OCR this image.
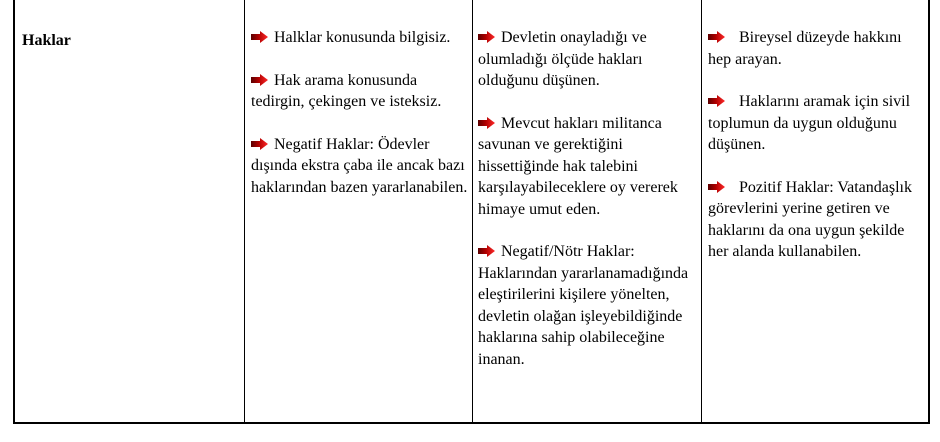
Haklar	Halklar konusunda bilgisiz.

Hak arama konusunda tedirgin, çekingen ve isteksiz.

Negatif Haklar: Ödevler dışında ekstra çaba ile ancak bazı haklarından bazen yararlanabilen.

Devletin onayladığı ve olumladığı ölçüde hakları olduğunu düşünen.

Mevcut hakları militanca savunan ve gerektiğini hissettiğinde hak talebini karşılayabileceklere oy vererek himaye umut eden.

Negatif/Nötr Haklar: Haklarından yararlanamadığında eleştirilerini kişilere yönelten, devletin olağan işleyebildiğinde haklarına sahip olabileceğine inanan.

Bireysel düzeyde hakkını hep arayan.

Haklarını aramak için sivil toplumun da uygun olduğunu düşünen.

Pozitif Haklar: Vatandaşlık görevlerini yerine getiren ve haklarını da ona uygun şekilde her alanda kullanabilen.
